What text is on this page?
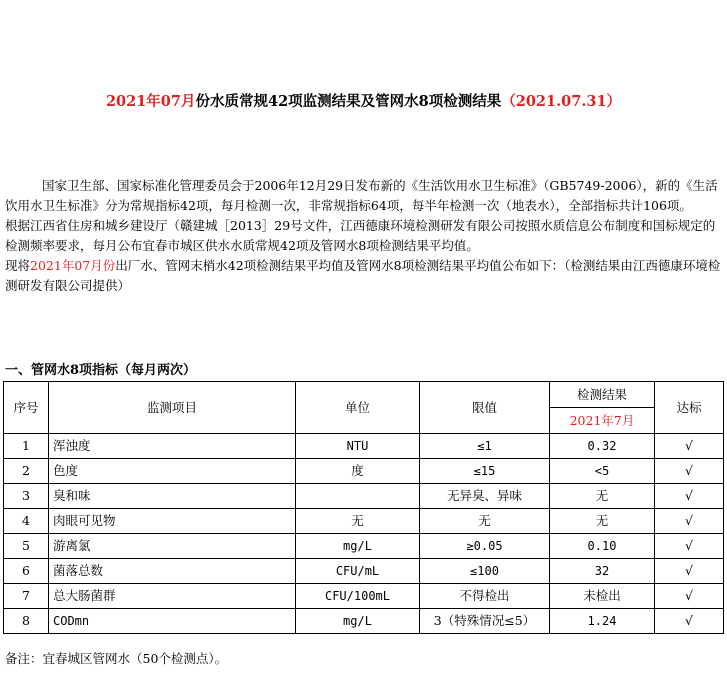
2021年07月份水质常规42项监测结果及管网水8项检测结果（2021.07.31）

国家卫生部、国家标准化管理委员会于2006年12月29日发布新的《生活饮用水卫生标准》（GB5749-2006），新的《生活饮用水卫生标准》分为常规指标42项，每月检测一次，非常规指标64项，每半年检测一次（地表水），全部指标共计106项。

根据江西省住房和城乡建设厅（赣建城［2013］29号文件，江西德康环境检测研发有限公司按照水质信息公布制度和国标规定的检测频率要求，每月公布宜春市城区供水水质常规42项及管网水8项检测结果平均值。

现将2021年07月份出厂水、管网末梢水42项检测结果平均值及管网水8项检测结果平均值公布如下：（检测结果由江西德康环境检测研发有限公司提供）

一、管网水8项指标（每月两次）
序号	监测项目	单位	限值	检测结果	达标
				2021年7月	
1	浑浊度	NTU	≤1	0.32	√
2	色度	度	≤15	<5	√
3	臭和味		无异臭、异味	无	√
4	肉眼可见物	无	无	无	√
5	游离氯	mg/L	≥0.05	0.10	√
6	菌落总数	CFU/mL	≤100	32	√
7	总大肠菌群	CFU/100mL	不得检出	未检出	√
8	CODmn	mg/L	3（特殊情况≤5）	1.24	√
备注：宜春城区管网水（50个检测点）。
